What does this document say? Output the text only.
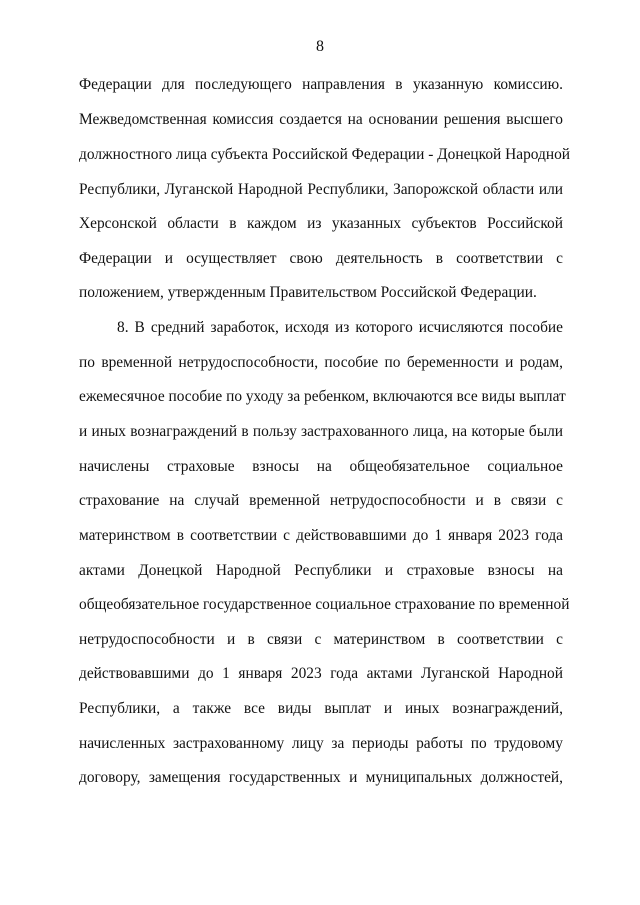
8
Федерации для последующего направления в указанную комиссию.
Межведомственная комиссия создается на основании решения высшего
должностного лица субъекта Российской Федерации - Донецкой Народной
Республики, Луганской Народной Республики, Запорожской области или
Херсонской области в каждом из указанных субъектов Российской
Федерации и осуществляет свою деятельность в соответствии с
положением, утвержденным Правительством Российской Федерации.
8. В средний заработок, исходя из которого исчисляются пособие
по временной нетрудоспособности, пособие по беременности и родам,
ежемесячное пособие по уходу за ребенком, включаются все виды выплат
и иных вознаграждений в пользу застрахованного лица, на которые были
начислены страховые взносы на общеобязательное социальное
страхование на случай временной нетрудоспособности и в связи с
материнством в соответствии с действовавшими до 1 января 2023 года
актами Донецкой Народной Республики и страховые взносы на
общеобязательное государственное социальное страхование по временной
нетрудоспособности и в связи с материнством в соответствии с
действовавшими до 1 января 2023 года актами Луганской Народной
Республики, а также все виды выплат и иных вознаграждений,
начисленных застрахованному лицу за периоды работы по трудовому
договору, замещения государственных и муниципальных должностей,
